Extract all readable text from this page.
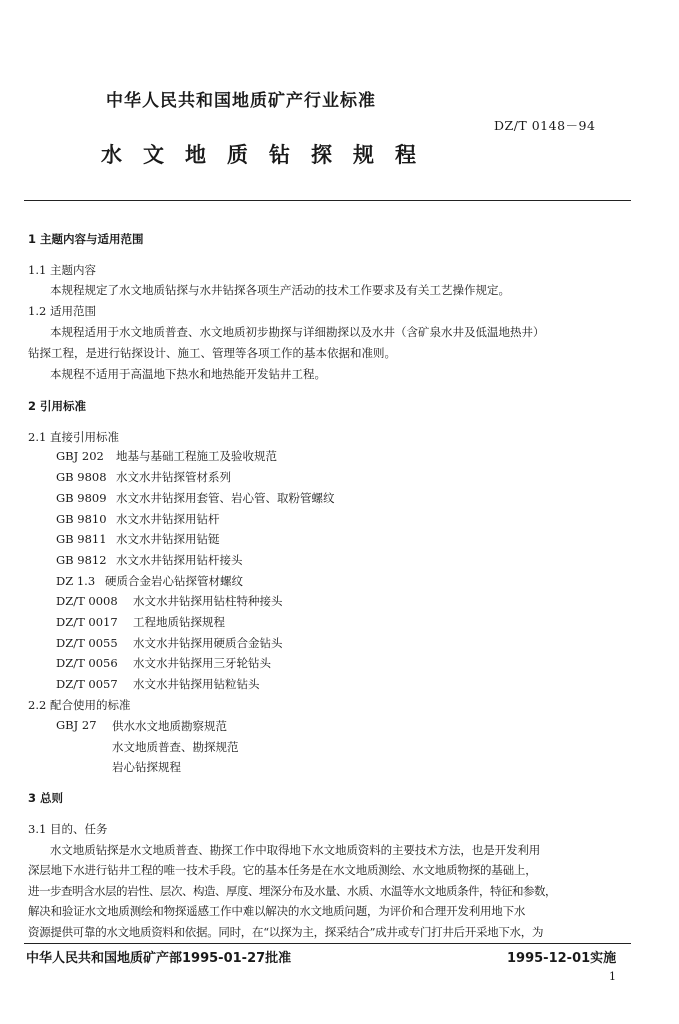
中华人民共和国地质矿产行业标准
DZ/T 0148－94
水文地质钻探规程
1 主题内容与适用范围
1.1 主题内容
本规程规定了水文地质钻探与水井钻探各项生产活动的技术工作要求及有关工艺操作规定。
1.2 适用范围
本规程适用于水文地质普查、水文地质初步勘探与详细勘探以及水井（含矿泉水井及低温地热井）
钻探工程，是进行钻探设计、施工、管理等各项工作的基本依据和准则。
本规程不适用于高温地下热水和地热能开发钻井工程。
2 引用标准
2.1 直接引用标准
GBJ 202 地基与基础工程施工及验收规范
GB 9808 水文水井钻探管材系列
GB 9809 水文水井钻探用套管、岩心管、取粉管螺纹
GB 9810 水文水井钻探用钻杆
GB 9811 水文水井钻探用钻铤
GB 9812 水文水井钻探用钻杆接头
DZ 1.3 硬质合金岩心钻探管材螺纹
DZ/T 0008 水文水井钻探用钻柱特种接头
DZ/T 0017 工程地质钻探规程
DZ/T 0055 水文水井钻探用硬质合金钻头
DZ/T 0056 水文水井钻探用三牙轮钻头
DZ/T 0057 水文水井钻探用钻粒钻头
2.2 配合使用的标准
GBJ 27 供水水文地质勘察规范
水文地质普查、勘探规范
岩心钻探规程
3 总则
3.1 目的、任务
水文地质钻探是水文地质普查、勘探工作中取得地下水文地质资料的主要技术方法，也是开发利用
深层地下水进行钻井工程的唯一技术手段。它的基本任务是在水文地质测绘、水文地质物探的基础上，
进一步查明含水层的岩性、层次、构造、厚度、埋深分布及水量、水质、水温等水文地质条件，特征和参数，
解决和验证水文地质测绘和物探遥感工作中难以解决的水文地质问题，为评价和合理开发利用地下水
资源提供可靠的水文地质资料和依据。同时，在“以探为主，探采结合”成井或专门打井后开采地下水，为
中华人民共和国地质矿产部1995-01-27批准	1995-12-01实施
1
